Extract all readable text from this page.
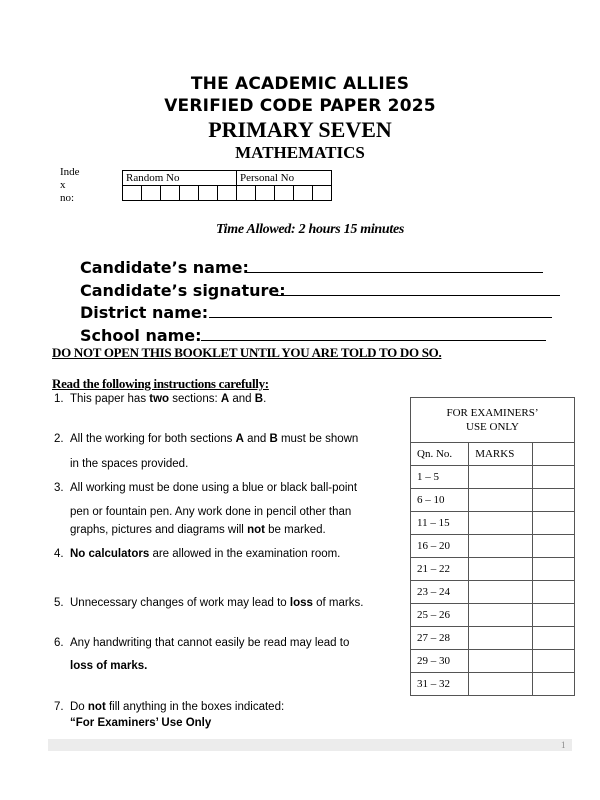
THE ACADEMIC ALLIES
VERIFIED CODE PAPER 2025
PRIMARY SEVEN
MATHEMATICS
Inde
x
no:
Random No						Personal No				

Time Allowed: 2 hours 15 minutes
Candidate’s name:
Candidate’s signature:
District name:
School name:
DO NOT OPEN THIS BOOKLET UNTIL YOU ARE TOLD TO DO SO.
Read the following instructions carefully:
1. This paper has two sections: A and B.
2. All the working for both sections A and B must be shown
in the spaces provided.
3. All working must be done using a blue or black ball-point
pen or fountain pen. Any work done in pencil other than
graphs, pictures and diagrams will not be marked.
4. No calculators are allowed in the examination room.
5. Unnecessary changes of work may lead to loss of marks.
6. Any handwriting that cannot easily be read may lead to
loss of marks.
7. Do not fill anything in the boxes indicated:
“For Examiners’ Use Only
FOR EXAMINERS’
USE ONLY		

Qn. No.	MARKS	
1 – 5		
6 – 10		
11 – 15		
16 – 20		
21 – 22		
23 – 24		
25 – 26		
27 – 28		
29 – 30		
31 – 32		
1
